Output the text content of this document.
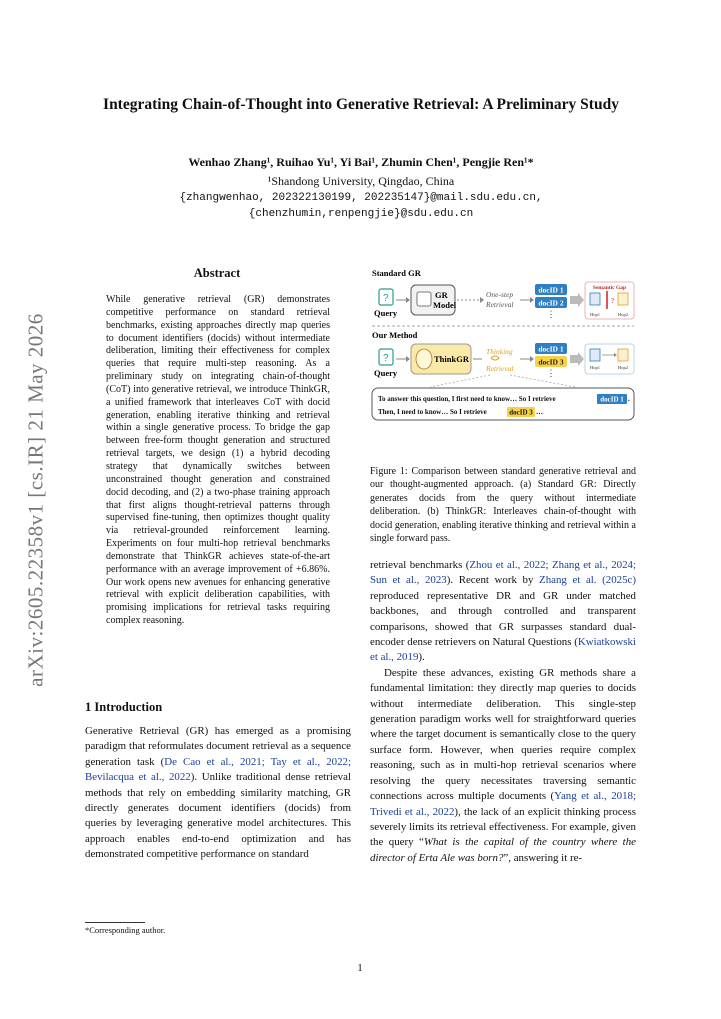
Integrating Chain-of-Thought into Generative Retrieval: A Preliminary Study
Wenhao Zhang¹, Ruihao Yu¹, Yi Bai¹, Zhumin Chen¹, Pengjie Ren¹*
¹Shandong University, Qingdao, China
{zhangwenhao, 202322130199, 202235147}@mail.sdu.edu.cn,
{chenzhumin,renpengjie}@sdu.edu.cn
arXiv:2605.22358v1 [cs.IR] 21 May 2026
Abstract
While generative retrieval (GR) demonstrates competitive performance on standard retrieval benchmarks, existing approaches directly map queries to document identifiers (docids) without intermediate deliberation, limiting their effectiveness for complex queries that require multi-step reasoning. As a preliminary study on integrating chain-of-thought (CoT) into generative retrieval, we introduce ThinkGR, a unified framework that interleaves CoT with docid generation, enabling iterative thinking and retrieval within a single generative process. To bridge the gap between free-form thought generation and structured retrieval targets, we design (1) a hybrid decoding strategy that dynamically switches between unconstrained thought generation and constrained docid decoding, and (2) a two-phase training approach that first aligns thought-retrieval patterns through supervised fine-tuning, then optimizes thought quality via retrieval-grounded reinforcement learning. Experiments on four multi-hop retrieval benchmarks demonstrate that ThinkGR achieves state-of-the-art performance with an average improvement of +6.86%. Our work opens new avenues for enhancing generative retrieval with explicit deliberation capabilities, with promising implications for retrieval tasks requiring complex reasoning.
1 Introduction
Generative Retrieval (GR) has emerged as a promising paradigm that reformulates document retrieval as a sequence generation task (De Cao et al., 2021; Tay et al., 2022; Bevilacqua et al., 2022). Unlike traditional dense retrieval methods that rely on embedding similarity matching, GR directly generates document identifiers (docids) from queries by leveraging generative model architectures. This approach enables end-to-end optimization and has demonstrated competitive performance on standard
*Corresponding author.
Standard GR
?
Query
GR
Model
One-step
Retrieval
docID 1
docID 2
⋮
Semantic Gap
?
Hop1	Hop2
Our Method
?
Query
ThinkGR
Thinking
Retrieval
docID 1
docID 3
⋮
Hop1	Hop2
To answer this question, I first need to know… So I retrieve	docID 1 .
Then, I need to know… So I retrieve	docID 3 …
Figure 1: Comparison between standard generative retrieval and our thought-augmented approach. (a) Standard GR: Directly generates docids from the query without intermediate deliberation. (b) ThinkGR: Interleaves chain-of-thought with docid generation, enabling iterative thinking and retrieval within a single forward pass.

retrieval benchmarks (Zhou et al., 2022; Zhang et al., 2024; Sun et al., 2023). Recent work by Zhang et al. (2025c) reproduced representative DR and GR under matched backbones, and through controlled and transparent comparisons, showed that GR surpasses standard dual-encoder dense retrievers on Natural Questions (Kwiatkowski et al., 2019).

Despite these advances, existing GR methods share a fundamental limitation: they directly map queries to docids without intermediate deliberation. This single-step generation paradigm works well for straightforward queries where the target document is semantically close to the query surface form. However, when queries require complex reasoning, such as in multi-hop retrieval scenarios where resolving the query necessitates traversing semantic connections across multiple documents (Yang et al., 2018; Trivedi et al., 2022), the lack of an explicit thinking process severely limits its retrieval effectiveness. For example, given the query “What is the capital of the country where the director of Erta Ale was born?”, answering it re-

1
